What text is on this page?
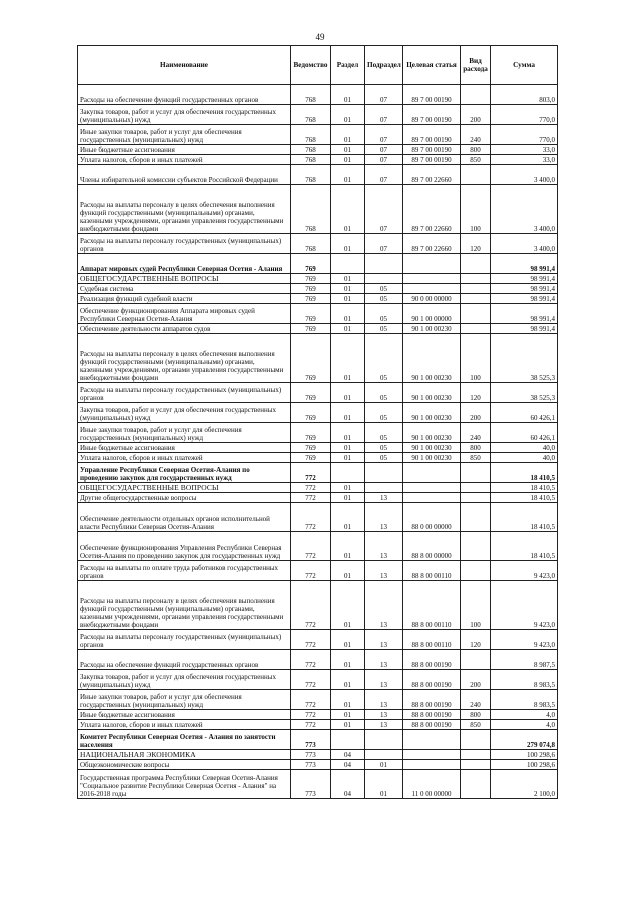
49
Наименование	Ведомство	Раздел	Подраздел	Целевая статья	Вид расхода	Сумма
Расходы на обеспечение функций государственных органов	768	01	07	89 7 00 00190		803,0
Закупка товаров, работ и услуг для обеспечения государственных (муниципальных) нужд	768	01	07	89 7 00 00190	200	770,0
Иные закупки товаров, работ и услуг для обеспечения государственных (муниципальных) нужд	768	01	07	89 7 00 00190	240	770,0
Иные бюджетные ассигнования	768	01	07	89 7 00 00190	800	33,0
Уплата налогов, сборов и иных платежей	768	01	07	89 7 00 00190	850	33,0
Члены избирательной комиссии субъектов Российской Федерации	768	01	07	89 7 00 22660		3 400,0
Расходы на выплаты персоналу в целях обеспечения выполнения функций государственными (муниципальными) органами, казенными учреждениями, органами управления государственными внебюджетными фондами	768	01	07	89 7 00 22660	100	3 400,0
Расходы на выплаты персоналу государственных (муниципальных) органов	768	01	07	89 7 00 22660	120	3 400,0
Аппарат мировых судей Республики Северная Осетия - Алания	769					98 991,4
ОБЩЕГОСУДАРСТВЕННЫЕ ВОПРОСЫ	769	01				98 991,4
Судебная система	769	01	05			98 991,4
Реализация функций судебной власти	769	01	05	90 0 00 00000		98 991,4
Обеспечение функционирования Аппарата мировых судей Республики Северная Осетия-Алания	769	01	05	90 1 00 00000		98 991,4
Обеспечение деятельности аппаратов судов	769	01	05	90 1 00 00230		98 991,4
Расходы на выплаты персоналу в целях обеспечения выполнения функций государственными (муниципальными) органами, казенными учреждениями, органами управления государственными внебюджетными фондами	769	01	05	90 1 00 00230	100	38 525,3
Расходы на выплаты персоналу государственных (муниципальных) органов	769	01	05	90 1 00 00230	120	38 525,3
Закупка товаров, работ и услуг для обеспечения государственных (муниципальных) нужд	769	01	05	90 1 00 00230	200	60 426,1
Иные закупки товаров, работ и услуг для обеспечения государственных (муниципальных) нужд	769	01	05	90 1 00 00230	240	60 426,1
Иные бюджетные ассигнования	769	01	05	90 1 00 00230	800	40,0
Уплата налогов, сборов и иных платежей	769	01	05	90 1 00 00230	850	40,0
Управление Республики Северная Осетия-Алания по проведению закупок для государственных нужд	772					18 410,5
ОБЩЕГОСУДАРСТВЕННЫЕ ВОПРОСЫ	772	01				18 410,5
Другие общегосударственные вопросы	772	01	13			18 410,5
Обеспечение деятельности отдельных органов исполнительной власти Республики Северная Осетия-Алания	772	01	13	88 0 00 00000		18 410,5
Обеспечение функционирования Управления Республики Северная Осетия-Алания по проведению закупок для государственных нужд	772	01	13	88 8 00 00000		18 410,5
Расходы на выплаты по оплате труда работников государственных органов	772	01	13	88 8 00 00110		9 423,0
Расходы на выплаты персоналу в целях обеспечения выполнения функций государственными (муниципальными) органами, казенными учреждениями, органами управления государственными внебюджетными фондами	772	01	13	88 8 00 00110	100	9 423,0
Расходы на выплаты персоналу государственных (муниципальных) органов	772	01	13	88 8 00 00110	120	9 423,0
Расходы на обеспечение функций государственных органов	772	01	13	88 8 00 00190		8 987,5
Закупка товаров, работ и услуг для обеспечения государственных (муниципальных) нужд	772	01	13	88 8 00 00190	200	8 983,5
Иные закупки товаров, работ и услуг для обеспечения государственных (муниципальных) нужд	772	01	13	88 8 00 00190	240	8 983,5
Иные бюджетные ассигнования	772	01	13	88 8 00 00190	800	4,0
Уплата налогов, сборов и иных платежей	772	01	13	88 8 00 00190	850	4,0
Комитет Республики Северная Осетия - Алания по занятости населения	773					279 074,8
НАЦИОНАЛЬНАЯ ЭКОНОМИКА	773	04				100 298,6
Общеэкономические вопросы	773	04	01			100 298,6
Государственная программа Республики Северная Осетия-Алания "Социальное развитие Республики Северная Осетия - Алания" на 2016-2018 годы	773	04	01	11 0 00 00000		2 100,0
